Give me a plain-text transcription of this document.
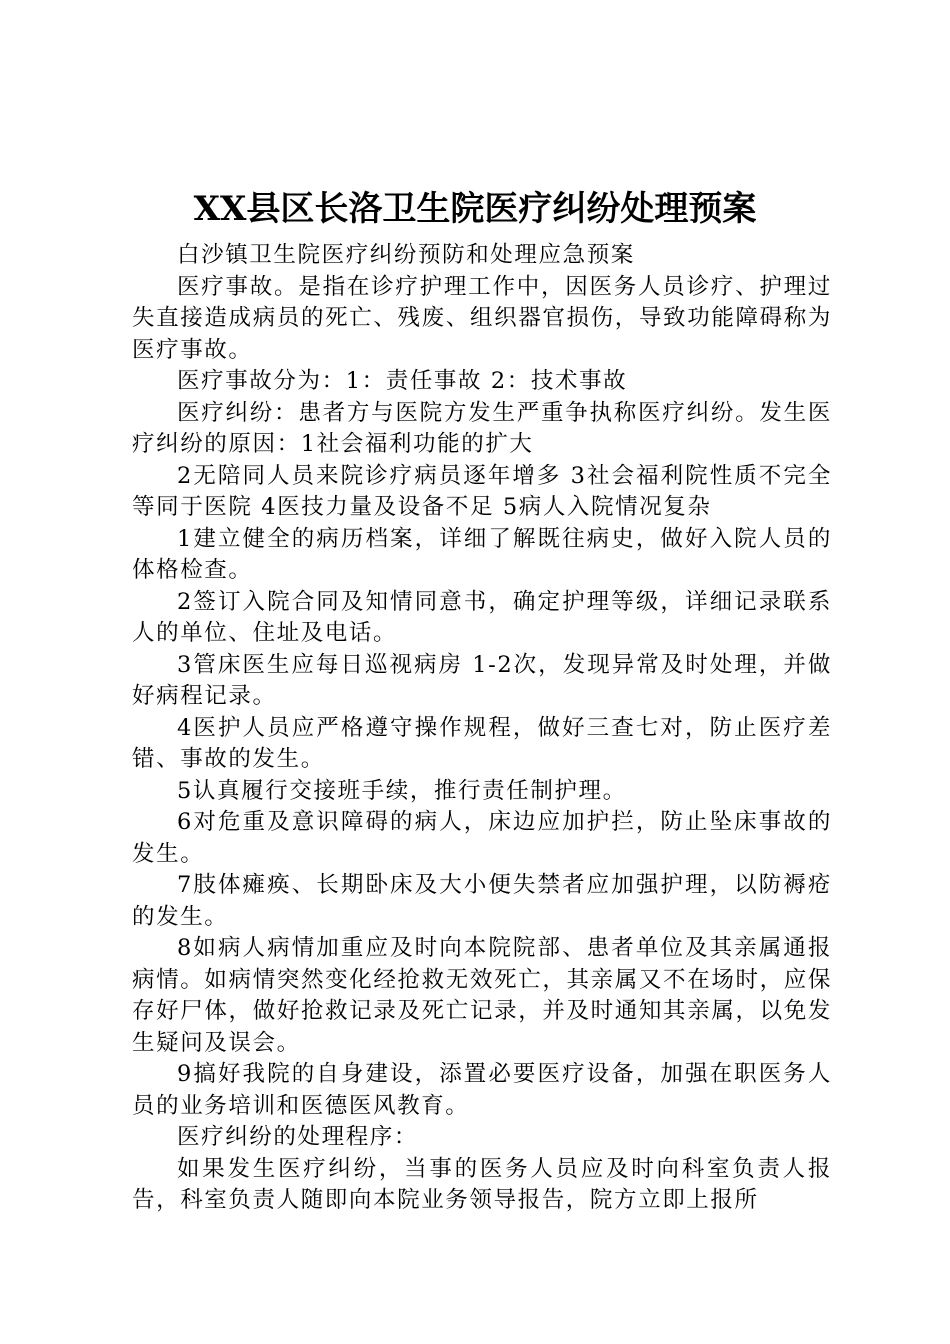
XX县区长洛卫生院医疗纠纷处理预案

白沙镇卫生院医疗纠纷预防和处理应急预案

医疗事故。是指在诊疗护理工作中，因医务人员诊疗、护理过失直接造成病员的死亡、残废、组织器官损伤，导致功能障碍称为医疗事故。

医疗事故分为：1：责任事故 2：技术事故

医疗纠纷：患者方与医院方发生严重争执称医疗纠纷。发生医疗纠纷的原因：1社会福利功能的扩大

2无陪同人员来院诊疗病员逐年增多 3社会福利院性质不完全等同于医院 4医技力量及设备不足 5病人入院情况复杂

1建立健全的病历档案，详细了解既往病史，做好入院人员的体格检查。

2签订入院合同及知情同意书，确定护理等级，详细记录联系人的单位、住址及电话。

3管床医生应每日巡视病房 1-2次，发现异常及时处理，并做好病程记录。

4医护人员应严格遵守操作规程，做好三查七对，防止医疗差错、事故的发生。

5认真履行交接班手续，推行责任制护理。

6对危重及意识障碍的病人，床边应加护拦，防止坠床事故的发生。

7肢体瘫痪、长期卧床及大小便失禁者应加强护理，以防褥疮的发生。

8如病人病情加重应及时向本院院部、患者单位及其亲属通报病情。如病情突然变化经抢救无效死亡，其亲属又不在场时，应保存好尸体，做好抢救记录及死亡记录，并及时通知其亲属，以免发生疑问及误会。

9搞好我院的自身建设，添置必要医疗设备，加强在职医务人员的业务培训和医德医风教育。

医疗纠纷的处理程序：

如果发生医疗纠纷，当事的医务人员应及时向科室负责人报告，科室负责人随即向本院业务领导报告，院方立即上报所
